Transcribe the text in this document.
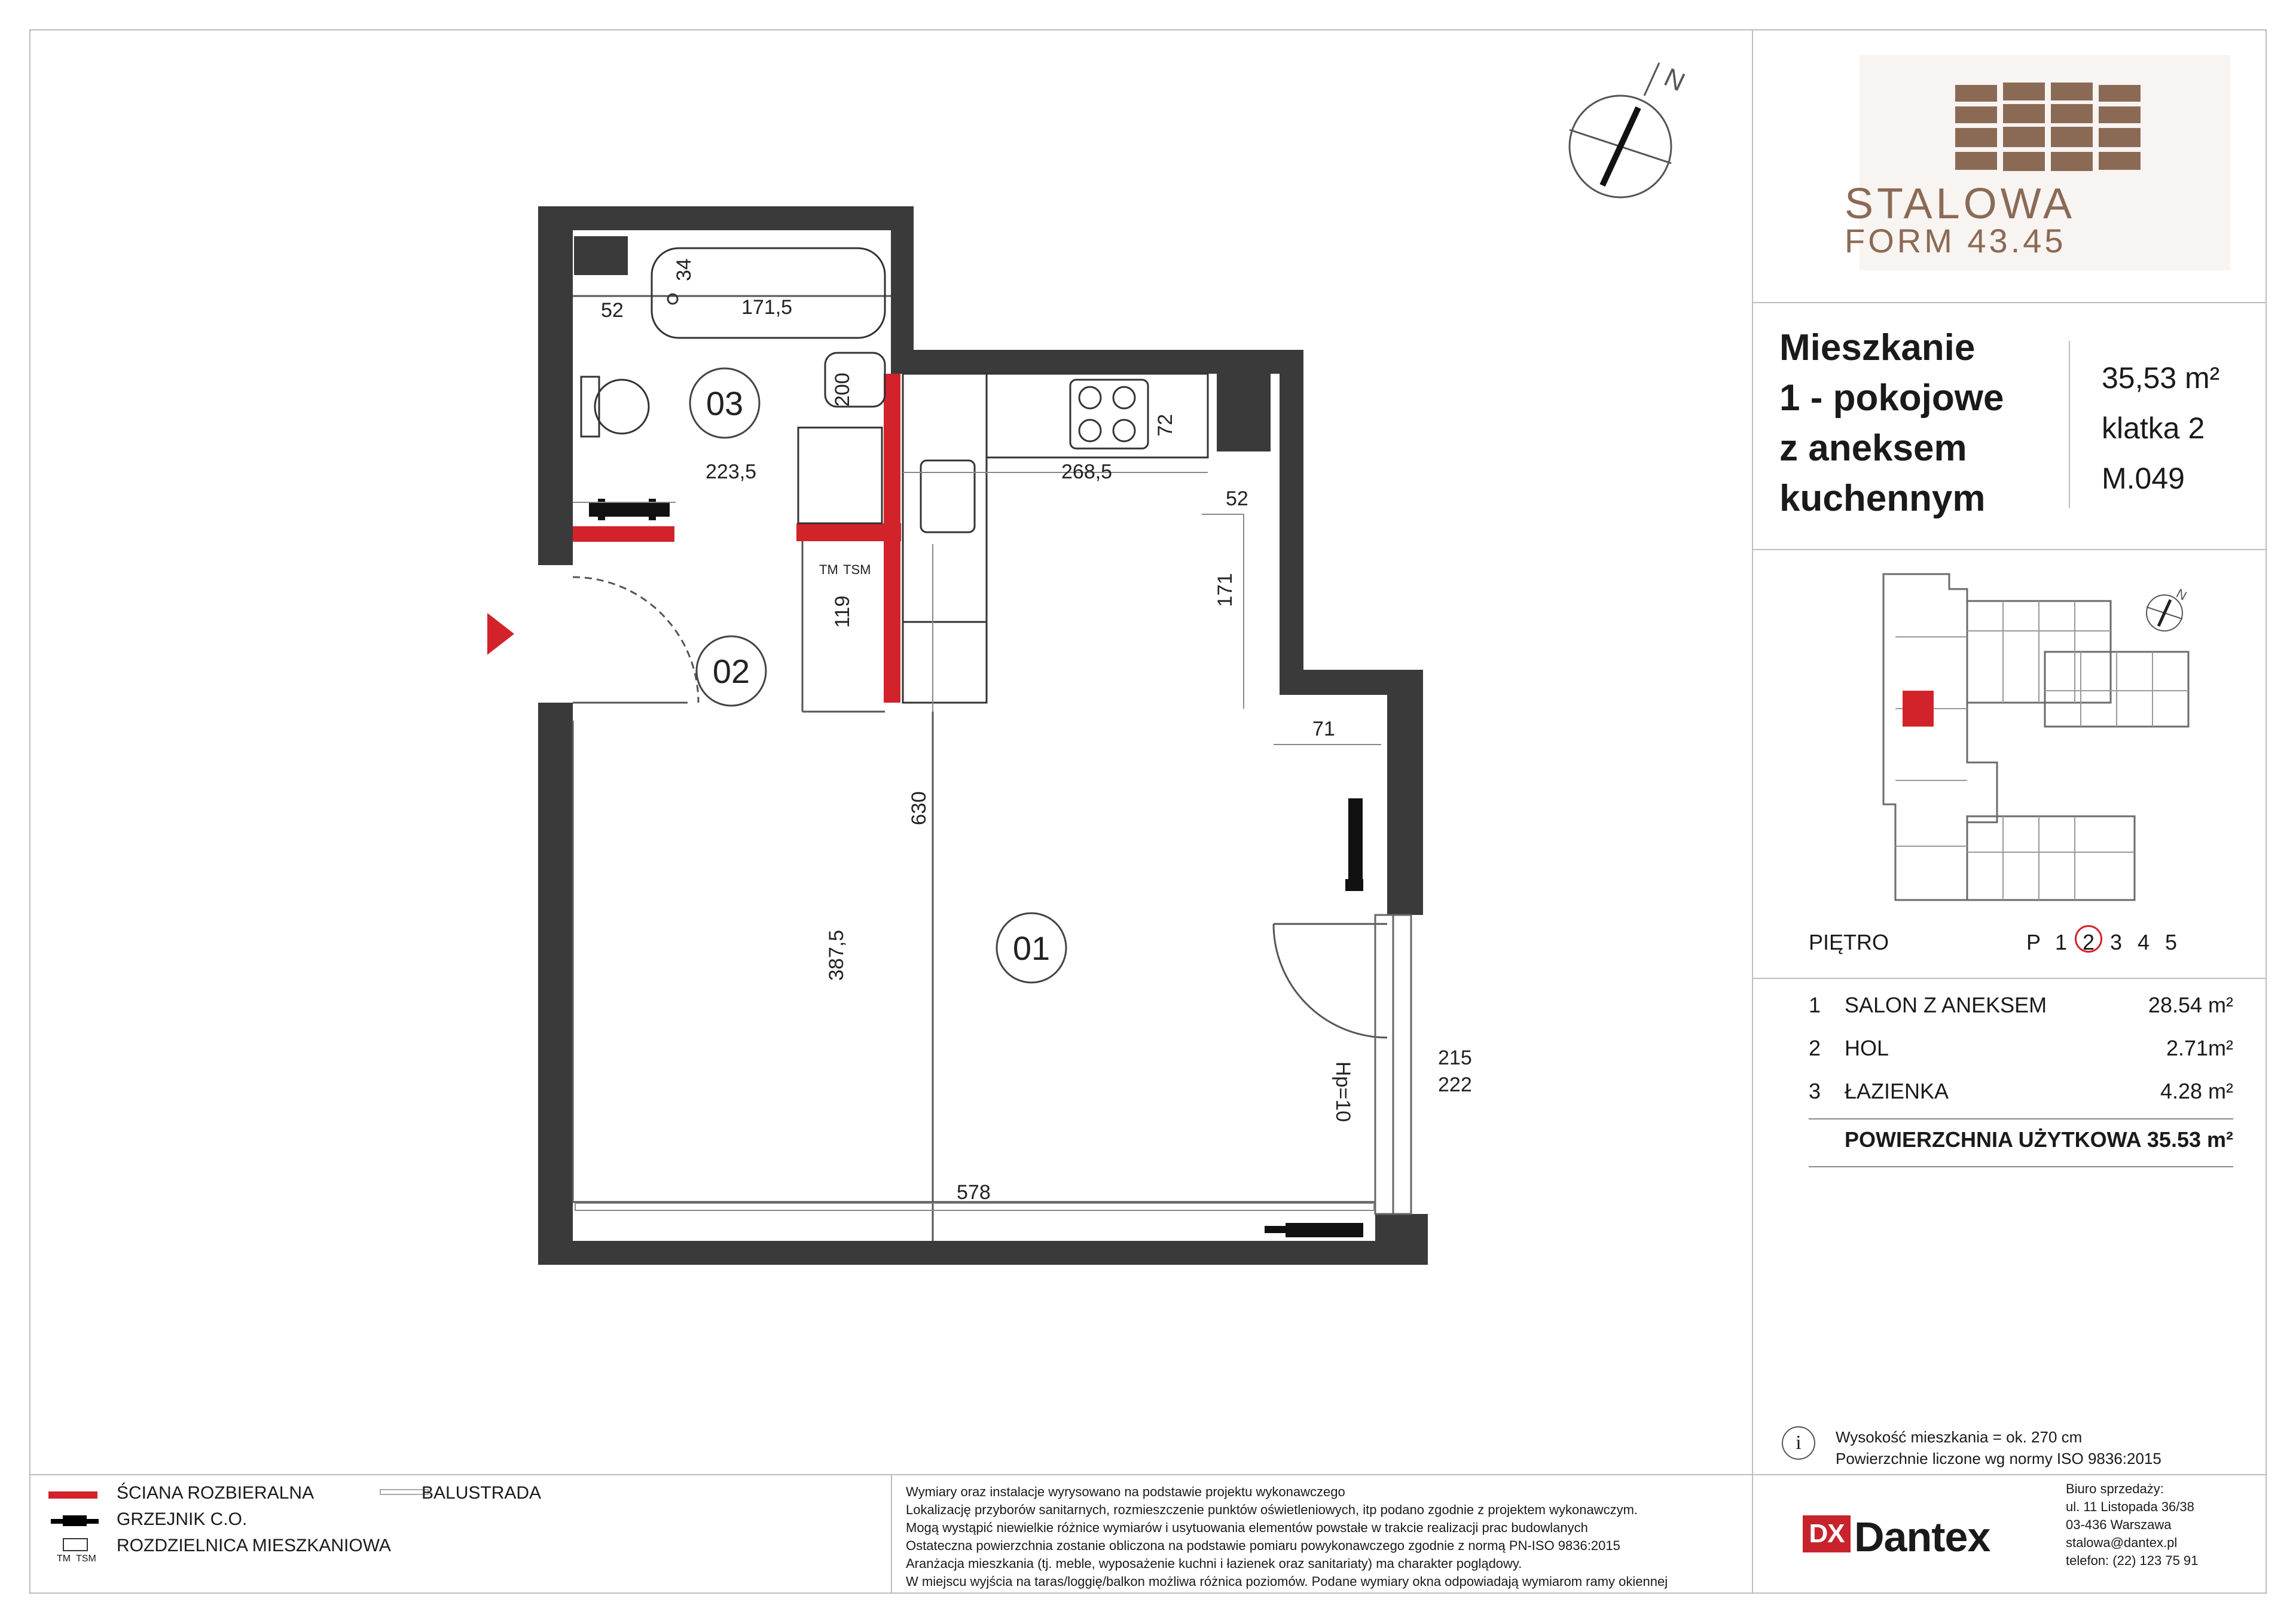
STALOWA
FORM 43.45
Mieszkanie
1 - pokojowe
z aneksem
kuchennym
35,53 m²
klatka 2
M.049
N
PIĘTRO	P 1 2 3 4 5
1 SALON Z ANEKSEM	28.54 m²
2 HOL	2.71m²
3 ŁAZIENKA	4.28 m²
POWIERZCHNIA UŻYTKOWA 35.53 m²
i	Wysokość mieszkania = ok. 270 cm
Powierzchnie liczone wg normy ISO 9836:2015
ŚCIANA ROZBIERALNA
GRZEJNIK C.O.
TM TSM
ROZDZIELNICA MIESZKANIOWA
BALUSTRADA	Wymiary oraz instalacje wyrysowano na podstawie projektu wykonawczego
Lokalizację przyborów sanitarnych, rozmieszczenie punktów oświetleniowych, itp podano zgodnie z projektem wykonawczym.
Mogą wystąpić niewielkie różnice wymiarów i usytuowania elementów powstałe w trakcie realizacji prac budowlanych
Ostateczna powierzchnia zostanie obliczona na podstawie pomiaru powykonawczego zgodnie z normą PN-ISO 9836:2015
Aranżacja mieszkania (tj. meble, wyposażenie kuchni i łazienek oraz sanitariaty) ma charakter poglądowy.
W miejscu wyjścia na taras/loggię/balkon możliwa różnica poziomów. Podane wymiary okna odpowiadają wymiarom ramy okiennej
DX Dantex
Biuro sprzedaży:
ul. 11 Listopada 36/38
03-436 Warszawa
stalowa@dantex.pl
telefon: (22) 123 75 91
N
03
02
01
52	171,5
34
200
223,5	268,5
72
52
171
71
119
630
387,5
578
215
222
Hp=10
TM TSM
